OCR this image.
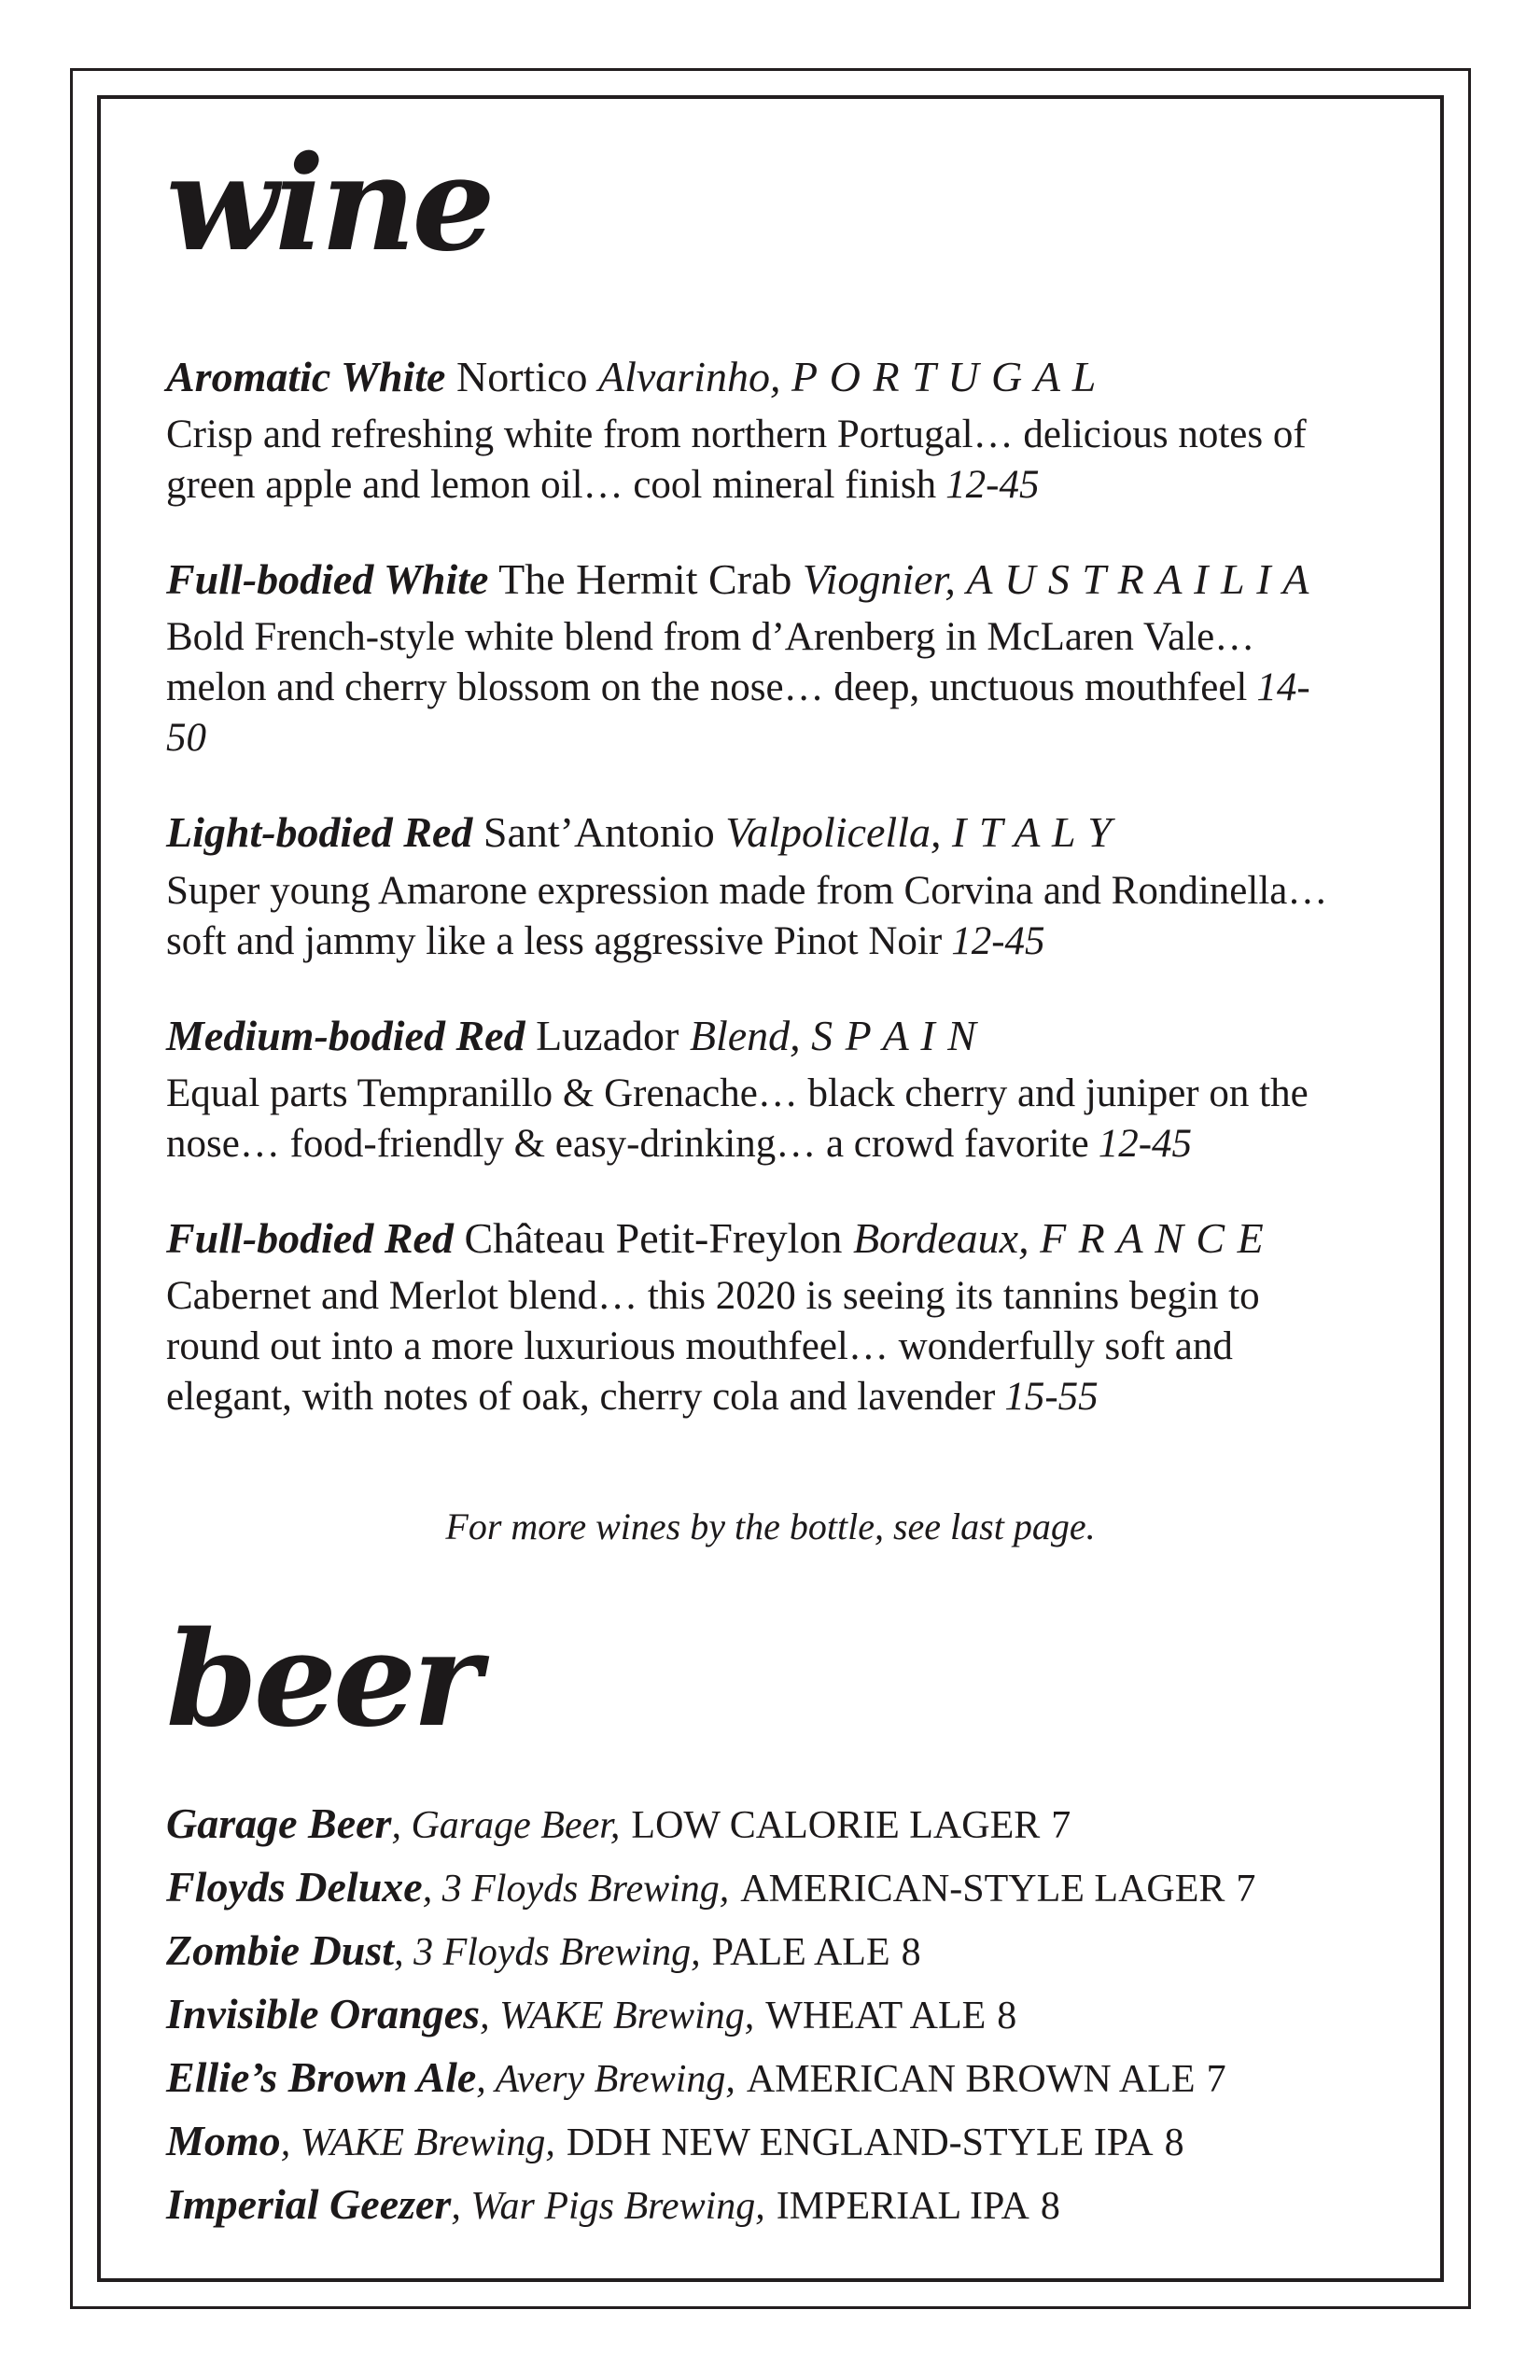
wine
Aromatic White Nortico Alvarinho, P O R T U G A L

Crisp and refreshing white from northern Portugal… delicious notes of green apple and lemon oil… cool mineral finish 12-45

Full-bodied White The Hermit Crab Viognier, A U S T R A I L I A

Bold French-style white blend from d’Arenberg in McLaren Vale… melon and cherry blossom on the nose… deep, unctuous mouthfeel 14-50

Light-bodied Red Sant’Antonio Valpolicella, I T A L Y

Super young Amarone expression made from Corvina and Rondinella… soft and jammy like a less aggressive Pinot Noir 12-45

Medium-bodied Red Luzador Blend, S P A I N

Equal parts Tempranillo & Grenache… black cherry and juniper on the nose… food-friendly & easy-drinking… a crowd favorite 12-45

Full-bodied Red Château Petit-Freylon Bordeaux, F R A N C E

Cabernet and Merlot blend… this 2020 is seeing its tannins begin to round out into a more luxurious mouthfeel… wonderfully soft and elegant, with notes of oak, cherry cola and lavender 15-55

For more wines by the bottle, see last page.

beer
Garage Beer, Garage Beer, LOW CALORIE LAGER 7
Floyds Deluxe, 3 Floyds Brewing, AMERICAN-STYLE LAGER 7
Zombie Dust, 3 Floyds Brewing, PALE ALE 8
Invisible Oranges, WAKE Brewing, WHEAT ALE 8
Ellie’s Brown Ale, Avery Brewing, AMERICAN BROWN ALE 7
Momo, WAKE Brewing, DDH NEW ENGLAND-STYLE IPA 8
Imperial Geezer, War Pigs Brewing, IMPERIAL IPA 8
